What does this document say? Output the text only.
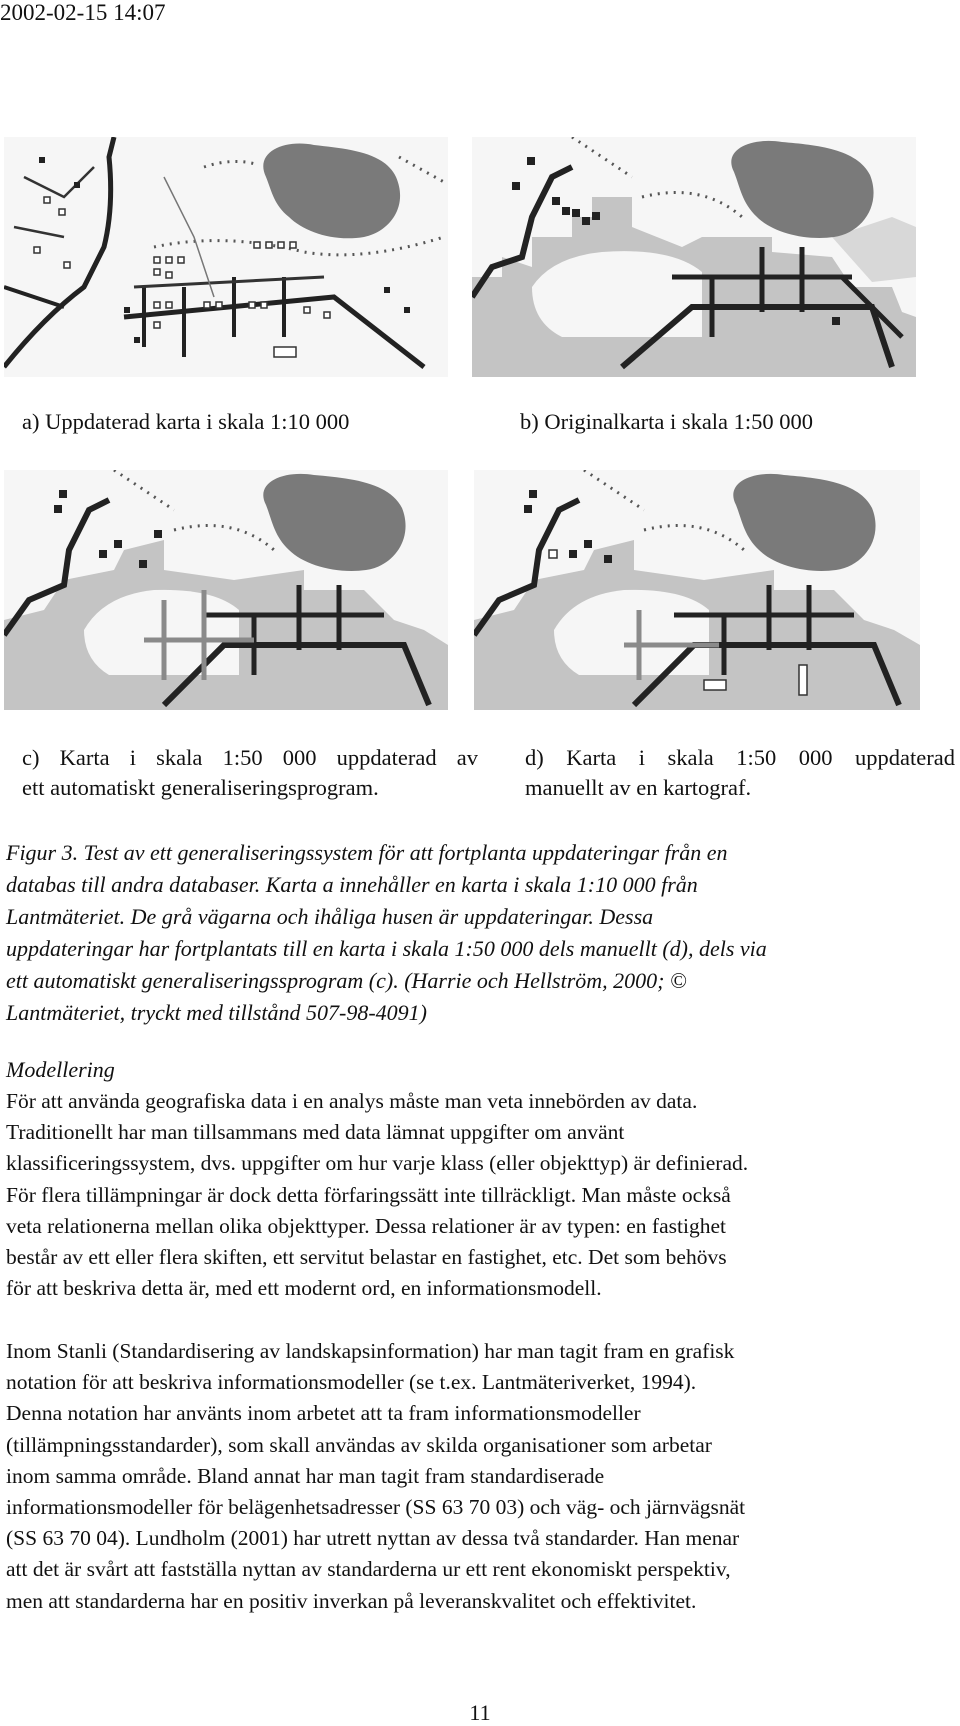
2002-02-15 14:07
a) Uppdaterad karta i skala 1:10 000	b) Originalkarta i skala 1:50 000
c) Karta i skala 1:50 000 uppdaterad av
ett automatiskt generaliseringsprogram.
d) Karta i skala 1:50 000 uppdaterad
manuellt av en kartograf.
Figur 3. Test av ett generaliseringssystem för att fortplanta uppdateringar från en
databas till andra databaser. Karta a innehåller en karta i skala 1:10 000 från
Lantmäteriet. De grå vägarna och ihåliga husen är uppdateringar. Dessa
uppdateringar har fortplantats till en karta i skala 1:50 000 dels manuellt (d), dels via
ett automatiskt generaliseringssprogram (c). (Harrie och Hellström, 2000; ©
Lantmäteriet, tryckt med tillstånd 507-98-4091)
Modellering
För att använda geografiska data i en analys måste man veta innebörden av data.
Traditionellt har man tillsammans med data lämnat uppgifter om använt
klassificeringssystem, dvs. uppgifter om hur varje klass (eller objekttyp) är definierad.
För flera tillämpningar är dock detta förfaringssätt inte tillräckligt. Man måste också
veta relationerna mellan olika objekttyper. Dessa relationer är av typen: en fastighet
består av ett eller flera skiften, ett servitut belastar en fastighet, etc. Det som behövs
för att beskriva detta är, med ett modernt ord, en informationsmodell.
Inom Stanli (Standardisering av landskapsinformation) har man tagit fram en grafisk
notation för att beskriva informationsmodeller (se t.ex. Lantmäteriverket, 1994).
Denna notation har använts inom arbetet att ta fram informationsmodeller
(tillämpningsstandarder), som skall användas av skilda organisationer som arbetar
inom samma område. Bland annat har man tagit fram standardiserade
informationsmodeller för belägenhetsadresser (SS 63 70 03) och väg- och järnvägsnät
(SS 63 70 04). Lundholm (2001) har utrett nyttan av dessa två standarder. Han menar
att det är svårt att fastställa nyttan av standarderna ur ett rent ekonomiskt perspektiv,
men att standarderna har en positiv inverkan på leveranskvalitet och effektivitet.
11
